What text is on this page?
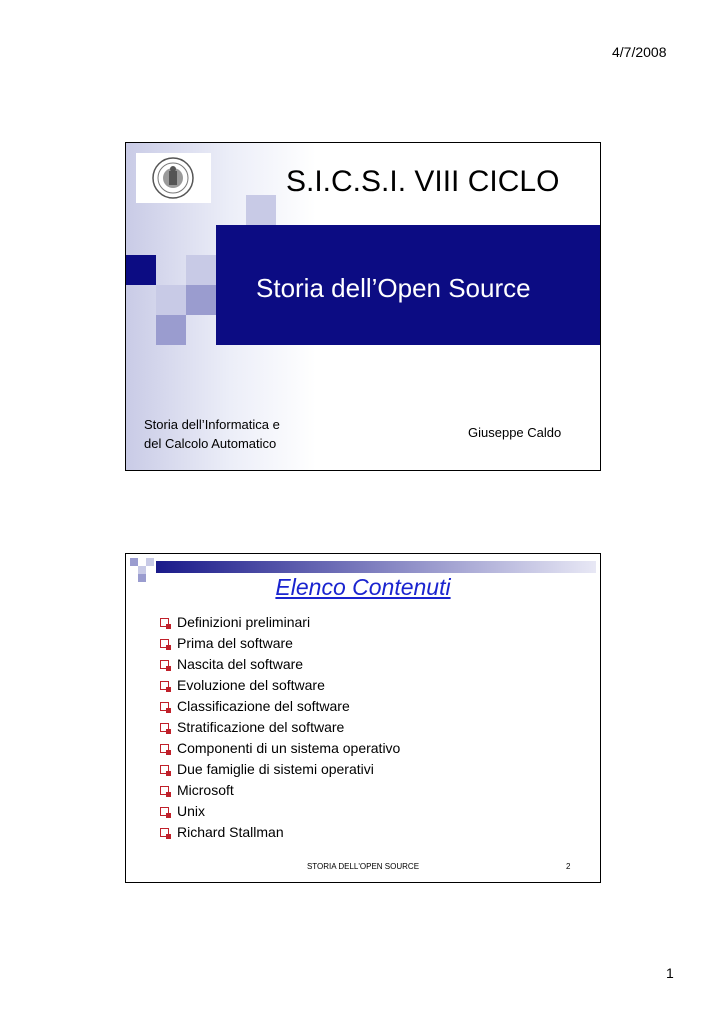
4/7/2008
S.I.C.S.I. VIII CICLO
Storia dell’Open Source
Storia dell’Informatica e
del Calcolo Automatico
Giuseppe Caldo
Elenco Contenuti
Definizioni preliminari
Prima del software
Nascita del software
Evoluzione del software
Classificazione del software
Stratificazione del software
Componenti di un sistema operativo
Due famiglie di sistemi operativi
Microsoft
Unix
Richard Stallman
STORIA DELL'OPEN SOURCE	2
1
